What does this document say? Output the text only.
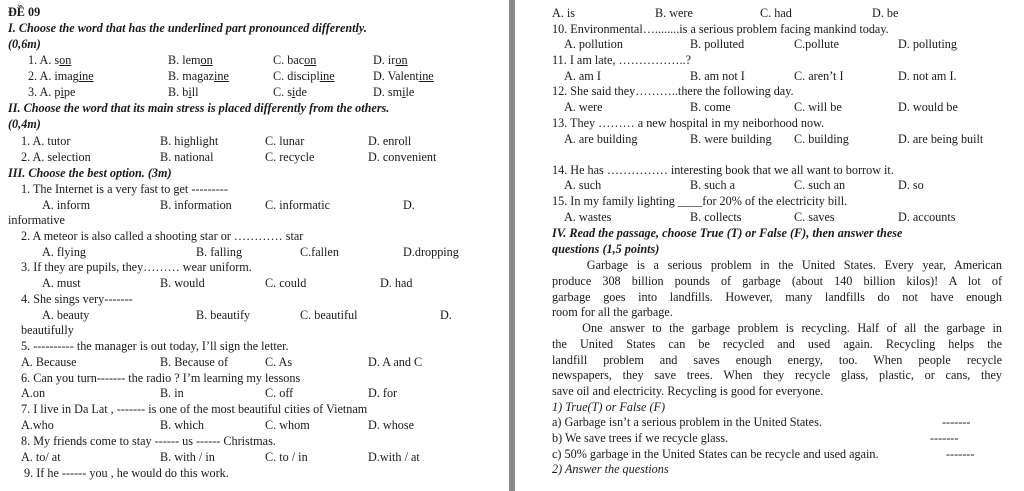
ĐỀ 09
I. Choose the word that has the underlined part pronounced differently.
(0,6m)
1. A. son	B. lemon	C. bacon	D. iron
2. A. imagine	B. magazine	C. discipline	D. Valentine
3. A. pipe	B. bill	C. side	D. smile
II. Choose the word that its main stress is placed differently from the others.
(0,4m)
1. A. tutor	B. highlight	C. lunar	D. enroll
2. A. selection	B. national	C. recycle	D. convenient
III. Choose the best option. (3m)
1. The Internet is a very fast to get ---------
A. inform	B. information	C. informatic	D.
informative
2. A meteor is also called a shooting star or ………… star
A. flying	B. falling	C.fallen	D.dropping
3. If they are pupils, they……… wear uniform.
A. must	B. would	C. could	D. had
4. She sings very-------
A. beauty	B. beautify	C. beautiful	D.
beautifully
5. ---------- the manager is out today, I’ll sign the letter.
A. Because	B. Because of	C. As	D. A and C
6. Can you turn------- the radio ? I’m learning my lessons
A.on	B. in	C. off	D. for
7. I live in Da Lat , ------- is one of the most beautiful cities of Vietnam
A.who	B. which	C. whom	D. whose
8. My friends come to stay ------ us ------ Christmas.
A. to/ at	B. with / in	C. to / in	D.with / at
9. If he ------ you , he would do this work.
A. is	B. were	C. had	D. be
10. Environmental…........is a serious problem facing mankind today.
A. pollution	B. polluted	C.pollute	D. polluting
11. I am late, ……………..?
A. am I	B. am not I	C. aren’t I	D. not am I.
12. She said they………..there the following day.
A. were	B. come	C. will be	D. would be
13. They ……… a new hospital in my neiborhood now.
A. are building	B. were building C. building	D. are being built
14. He has …………… interesting book that we all want to borrow it.
A. such	B. such a	C. such an	D. so
15. In my family lighting ____for 20% of the electricity bill.
A. wastes	B. collects	C. saves	D. accounts
IV. Read the passage, choose True (T) or False (F), then answer these
questions (1,5 points)
Garbage is a serious problem in the United States. Every year, American
produce 308 billion pounds of garbage (about 140 billion kilos)! A lot of
garbage goes into landfills. However, many landfills do not have enough
room for all the garbage.
One answer to the garbage problem is recycling. Half of all the garbage in
the United States can be recycled and used again. Recycling helps the
landfill problem and saves enough energy, too. When people recycle
newspapers, they save trees. When they recycle glass, plastic, or cans, they
save oil and electricity. Recycling is good for everyone.
1) True(T) or False (F)
a) Garbage isn’t a serious problem in the United States.	-------
b) We save trees if we recycle glass.	-------
c) 50% garbage in the United States can be recycle and used again.	-------
2) Answer the questions
